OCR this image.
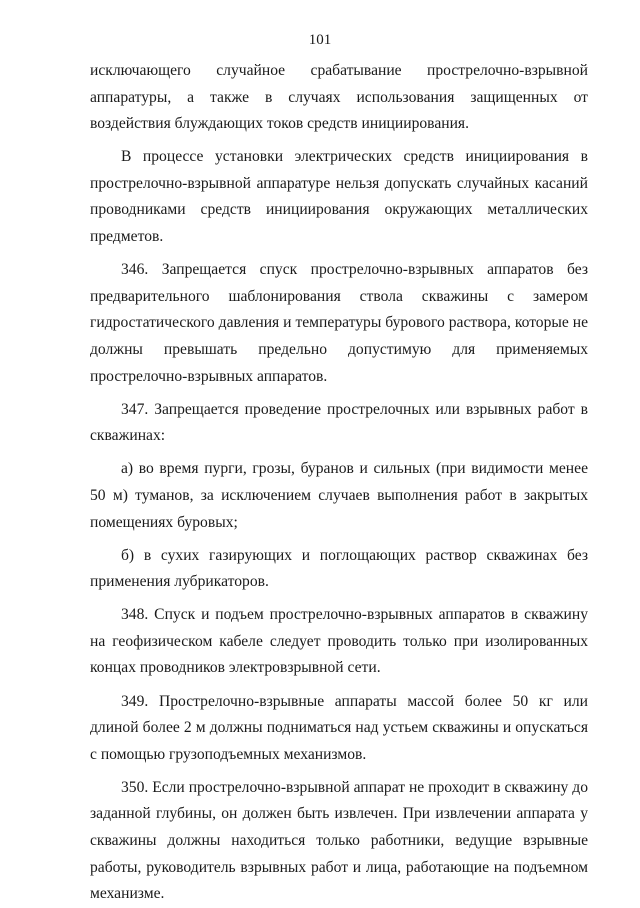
101

исключающего случайное срабатывание прострелочно-взрывной аппаратуры, а также в случаях использования защищенных от воздействия блуждающих токов средств инициирования.

В процессе установки электрических средств инициирования в прострелочно-взрывной аппаратуре нельзя допускать случайных касаний проводниками средств инициирования окружающих металлических предметов.

346. Запрещается спуск прострелочно-взрывных аппаратов без предварительного шаблонирования ствола скважины с замером гидростатического давления и температуры бурового раствора, которые не должны превышать предельно допустимую для применяемых прострелочно-взрывных аппаратов.

347. Запрещается проведение прострелочных или взрывных работ в скважинах:

а) во время пурги, грозы, буранов и сильных (при видимости менее 50 м) туманов, за исключением случаев выполнения работ в закрытых помещениях буровых;

б) в сухих газирующих и поглощающих раствор скважинах без применения лубрикаторов.

348. Спуск и подъем прострелочно-взрывных аппаратов в скважину на геофизическом кабеле следует проводить только при изолированных концах проводников электровзрывной сети.

349. Прострелочно-взрывные аппараты массой более 50 кг или длиной более 2 м должны подниматься над устьем скважины и опускаться с помощью грузоподъемных механизмов.

350. Если прострелочно-взрывной аппарат не проходит в скважину до заданной глубины, он должен быть извлечен. При извлечении аппарата у скважины должны находиться только работники, ведущие взрывные работы, руководитель взрывных работ и лица, работающие на подъемном механизме.
